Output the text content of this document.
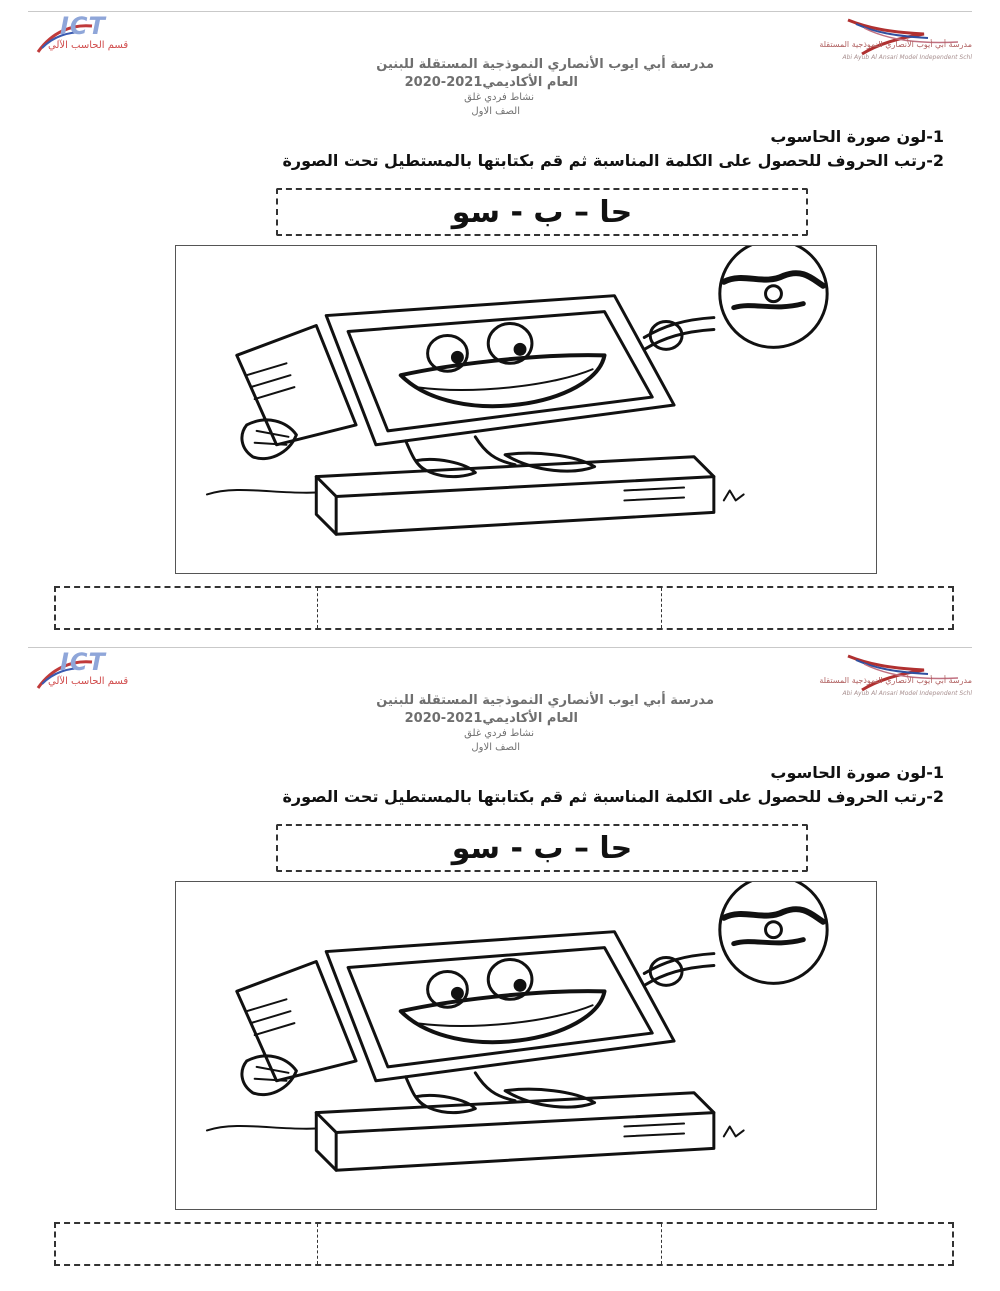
ICT
قسم الحاسب الآلي	مدرسة أبي أيوب الأنصاري النموذجية المستقلة
Abi Ayub Al Ansari Model Independent Schl
مدرسة أبي ايوب الأنصاري النموذجية المستقلة للبنين
العام الأكاديمي2021-2020
نشاط فردي غلق
الصف الاول
1-لون صورة الحاسوب
2-رتب الحروف للحصول على الكلمة المناسبة ثم قم بكتابتها بالمستطيل تحت الصورة
حا – ب - سو
ICT
قسم الحاسب الآلي	مدرسة أبي أيوب الأنصاري النموذجية المستقلة
Abi Ayub Al Ansari Model Independent Schl
مدرسة أبي ايوب الأنصاري النموذجية المستقلة للبنين
العام الأكاديمي2021-2020
نشاط فردي غلق
الصف الاول
1-لون صورة الحاسوب
2-رتب الحروف للحصول على الكلمة المناسبة ثم قم بكتابتها بالمستطيل تحت الصورة
حا – ب - سو
